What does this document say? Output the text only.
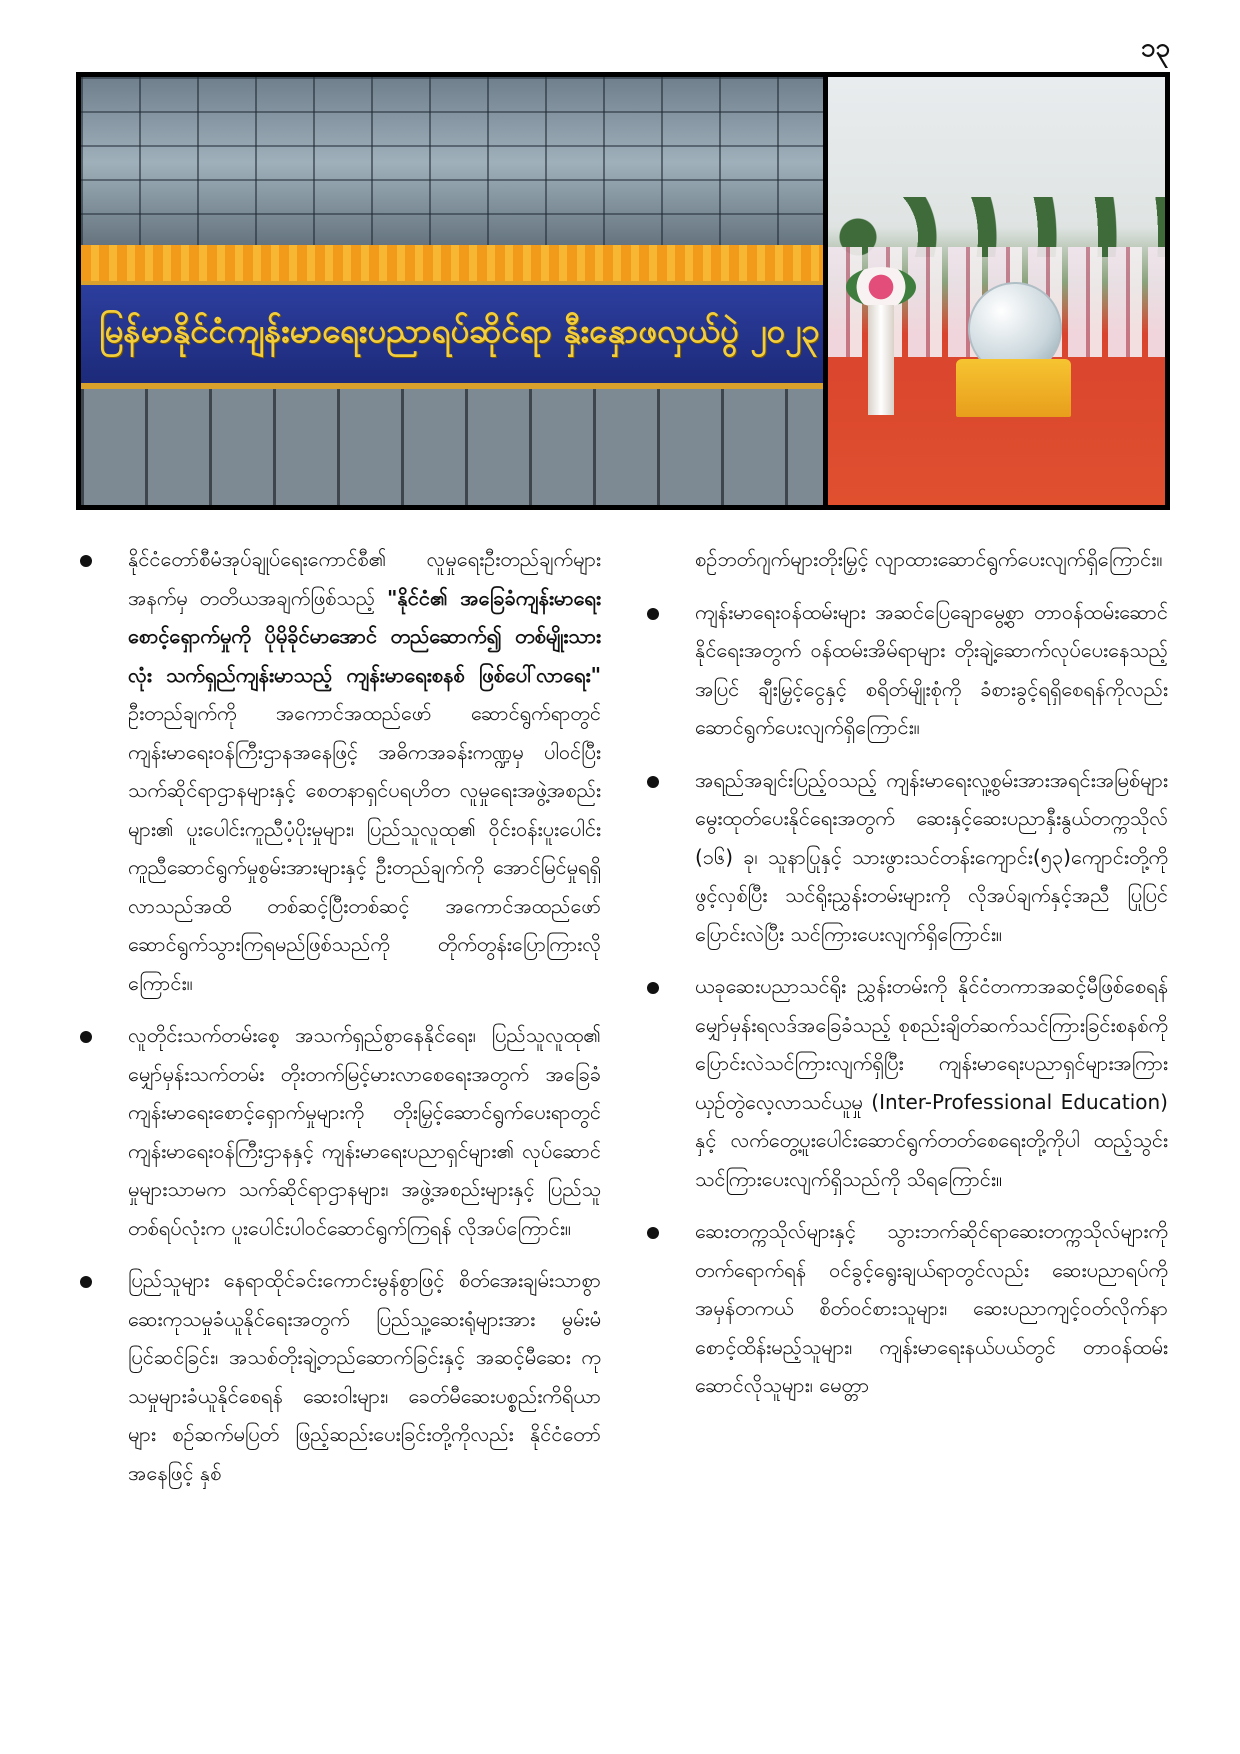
၁၃
မြန်မာနိုင်ငံကျန်းမာရေးပညာရပ်ဆိုင်ရာ နှီးနှောဖလှယ်ပွဲ ၂၀၂၃

နိုင်ငံတော်စီမံအုပ်ချုပ်ရေးကောင်စီ၏ လူမှုရေးဦးတည်ချက်များအနက်မှ တတိယအချက်ဖြစ်သည့် "နိုင်ငံ၏ အခြေခံကျန်းမာရေးစောင့်ရှောက်မှုကို ပိုမိုခိုင်မာအောင် တည်ဆောက်၍ တစ်မျိုးသားလုံး သက်ရှည်ကျန်းမာသည့် ကျန်းမာရေးစနစ် ဖြစ်ပေါ်လာရေး" ဦးတည်ချက်ကို အကောင်အထည်ဖော် ဆောင်ရွက်ရာတွင် ကျန်းမာရေးဝန်ကြီးဌာနအနေဖြင့် အဓိကအခန်းကဏ္ဍမှ ပါဝင်ပြီး သက်ဆိုင်ရာဌာနများနှင့် စေတနာရှင်ပရဟိတ လူမှုရေးအဖွဲ့အစည်းများ၏ ပူးပေါင်းကူညီပံ့ပိုးမှုများ၊ ပြည်သူလူထု၏ ဝိုင်းဝန်းပူးပေါင်းကူညီဆောင်ရွက်မှုစွမ်းအားများနှင့် ဦးတည်ချက်ကို အောင်မြင်မှုရရှိလာသည်အထိ တစ်ဆင့်ပြီးတစ်ဆင့် အကောင်အထည်ဖော် ဆောင်ရွက်သွားကြရမည်ဖြစ်သည်ကို တိုက်တွန်းပြောကြားလိုကြောင်း။

လူတိုင်းသက်တမ်းစေ့ အသက်ရှည်စွာနေနိုင်ရေး၊ ပြည်သူလူထု၏ မျှော်မှန်းသက်တမ်း တိုးတက်မြင့်မားလာစေရေးအတွက် အခြေခံကျန်းမာရေးစောင့်ရှောက်မှုများကို တိုးမြှင့်ဆောင်ရွက်ပေးရာတွင် ကျန်းမာရေးဝန်ကြီးဌာနနှင့် ကျန်းမာရေးပညာရှင်များ၏ လုပ်ဆောင်မှုများသာမက သက်ဆိုင်ရာဌာနများ၊ အဖွဲ့အစည်းများနှင့် ပြည်သူတစ်ရပ်လုံးက ပူးပေါင်းပါဝင်ဆောင်ရွက်ကြရန် လိုအပ်ကြောင်း။

ပြည်သူများ နေရာထိုင်ခင်းကောင်းမွန်စွာဖြင့် စိတ်အေးချမ်းသာစွာ ဆေးကုသမှုခံယူနိုင်ရေးအတွက် ပြည်သူ့ဆေးရုံများအား မွမ်းမံပြင်ဆင်ခြင်း၊ အသစ်တိုးချဲ့တည်ဆောက်ခြင်းနှင့် အဆင့်မီဆေး ကုသမှုများခံယူနိုင်စေရန် ဆေးဝါးများ၊ ခေတ်မီဆေးပစ္စည်းကိရိယာများ စဉ်ဆက်မပြတ် ဖြည့်ဆည်းပေးခြင်းတို့ကိုလည်း နိုင်ငံတော်အနေဖြင့် နှစ်

စဉ်ဘတ်ဂျက်များတိုးမြှင့် လျာထားဆောင်ရွက်ပေးလျက်ရှိကြောင်း။

ကျန်းမာရေးဝန်ထမ်းများ အဆင်ပြေချောမွေ့စွာ တာဝန်ထမ်းဆောင်နိုင်ရေးအတွက် ဝန်ထမ်းအိမ်ရာများ တိုးချဲ့ဆောက်လုပ်ပေးနေသည့်အပြင် ချီးမြှင့်ငွေနှင့် စရိတ်မျိုးစုံကို ခံစားခွင့်ရရှိစေရန်ကိုလည်း ဆောင်ရွက်ပေးလျက်ရှိကြောင်း။

အရည်အချင်းပြည့်ဝသည့် ကျန်းမာရေးလူ့စွမ်းအားအရင်းအမြစ်များ မွေးထုတ်ပေးနိုင်ရေးအတွက် ဆေးနှင့်ဆေးပညာနှီးနွယ်တက္ကသိုလ် (၁၆) ခု၊ သူနာပြုနှင့် သားဖွားသင်တန်းကျောင်း(၅၃)ကျောင်းတို့ကို ဖွင့်လှစ်ပြီး သင်ရိုးညွှန်းတမ်းများကို လိုအပ်ချက်နှင့်အညီ ပြုပြင်ပြောင်းလဲပြီး သင်ကြားပေးလျက်ရှိကြောင်း။

ယခုဆေးပညာသင်ရိုး ညွှန်းတမ်းကို နိုင်ငံတကာအဆင့်မီဖြစ်စေရန် မျှော်မှန်းရလဒ်အခြေခံသည့် စုစည်းချိတ်ဆက်သင်ကြားခြင်းစနစ်ကို ပြောင်းလဲသင်ကြားလျက်ရှိပြီး ကျန်းမာရေးပညာရှင်များအကြား ယှဉ်တွဲလေ့လာသင်ယူမှု (Inter-Professional Education) နှင့် လက်တွေ့ပူးပေါင်းဆောင်ရွက်တတ်စေရေးတို့ကိုပါ ထည့်သွင်းသင်ကြားပေးလျက်ရှိသည်ကို သိရကြောင်း။

ဆေးတက္ကသိုလ်များနှင့် သွားဘက်ဆိုင်ရာဆေးတက္ကသိုလ်များကို တက်ရောက်ရန် ဝင်ခွင့်ရွေးချယ်ရာတွင်လည်း ဆေးပညာရပ်ကို အမှန်တကယ် စိတ်ဝင်စားသူများ၊ ဆေးပညာကျင့်ဝတ်လိုက်နာစောင့်ထိန်းမည့်သူများ၊ ကျန်းမာရေးနယ်ပယ်တွင် တာဝန်ထမ်းဆောင်လိုသူများ၊ မေတ္တာ
